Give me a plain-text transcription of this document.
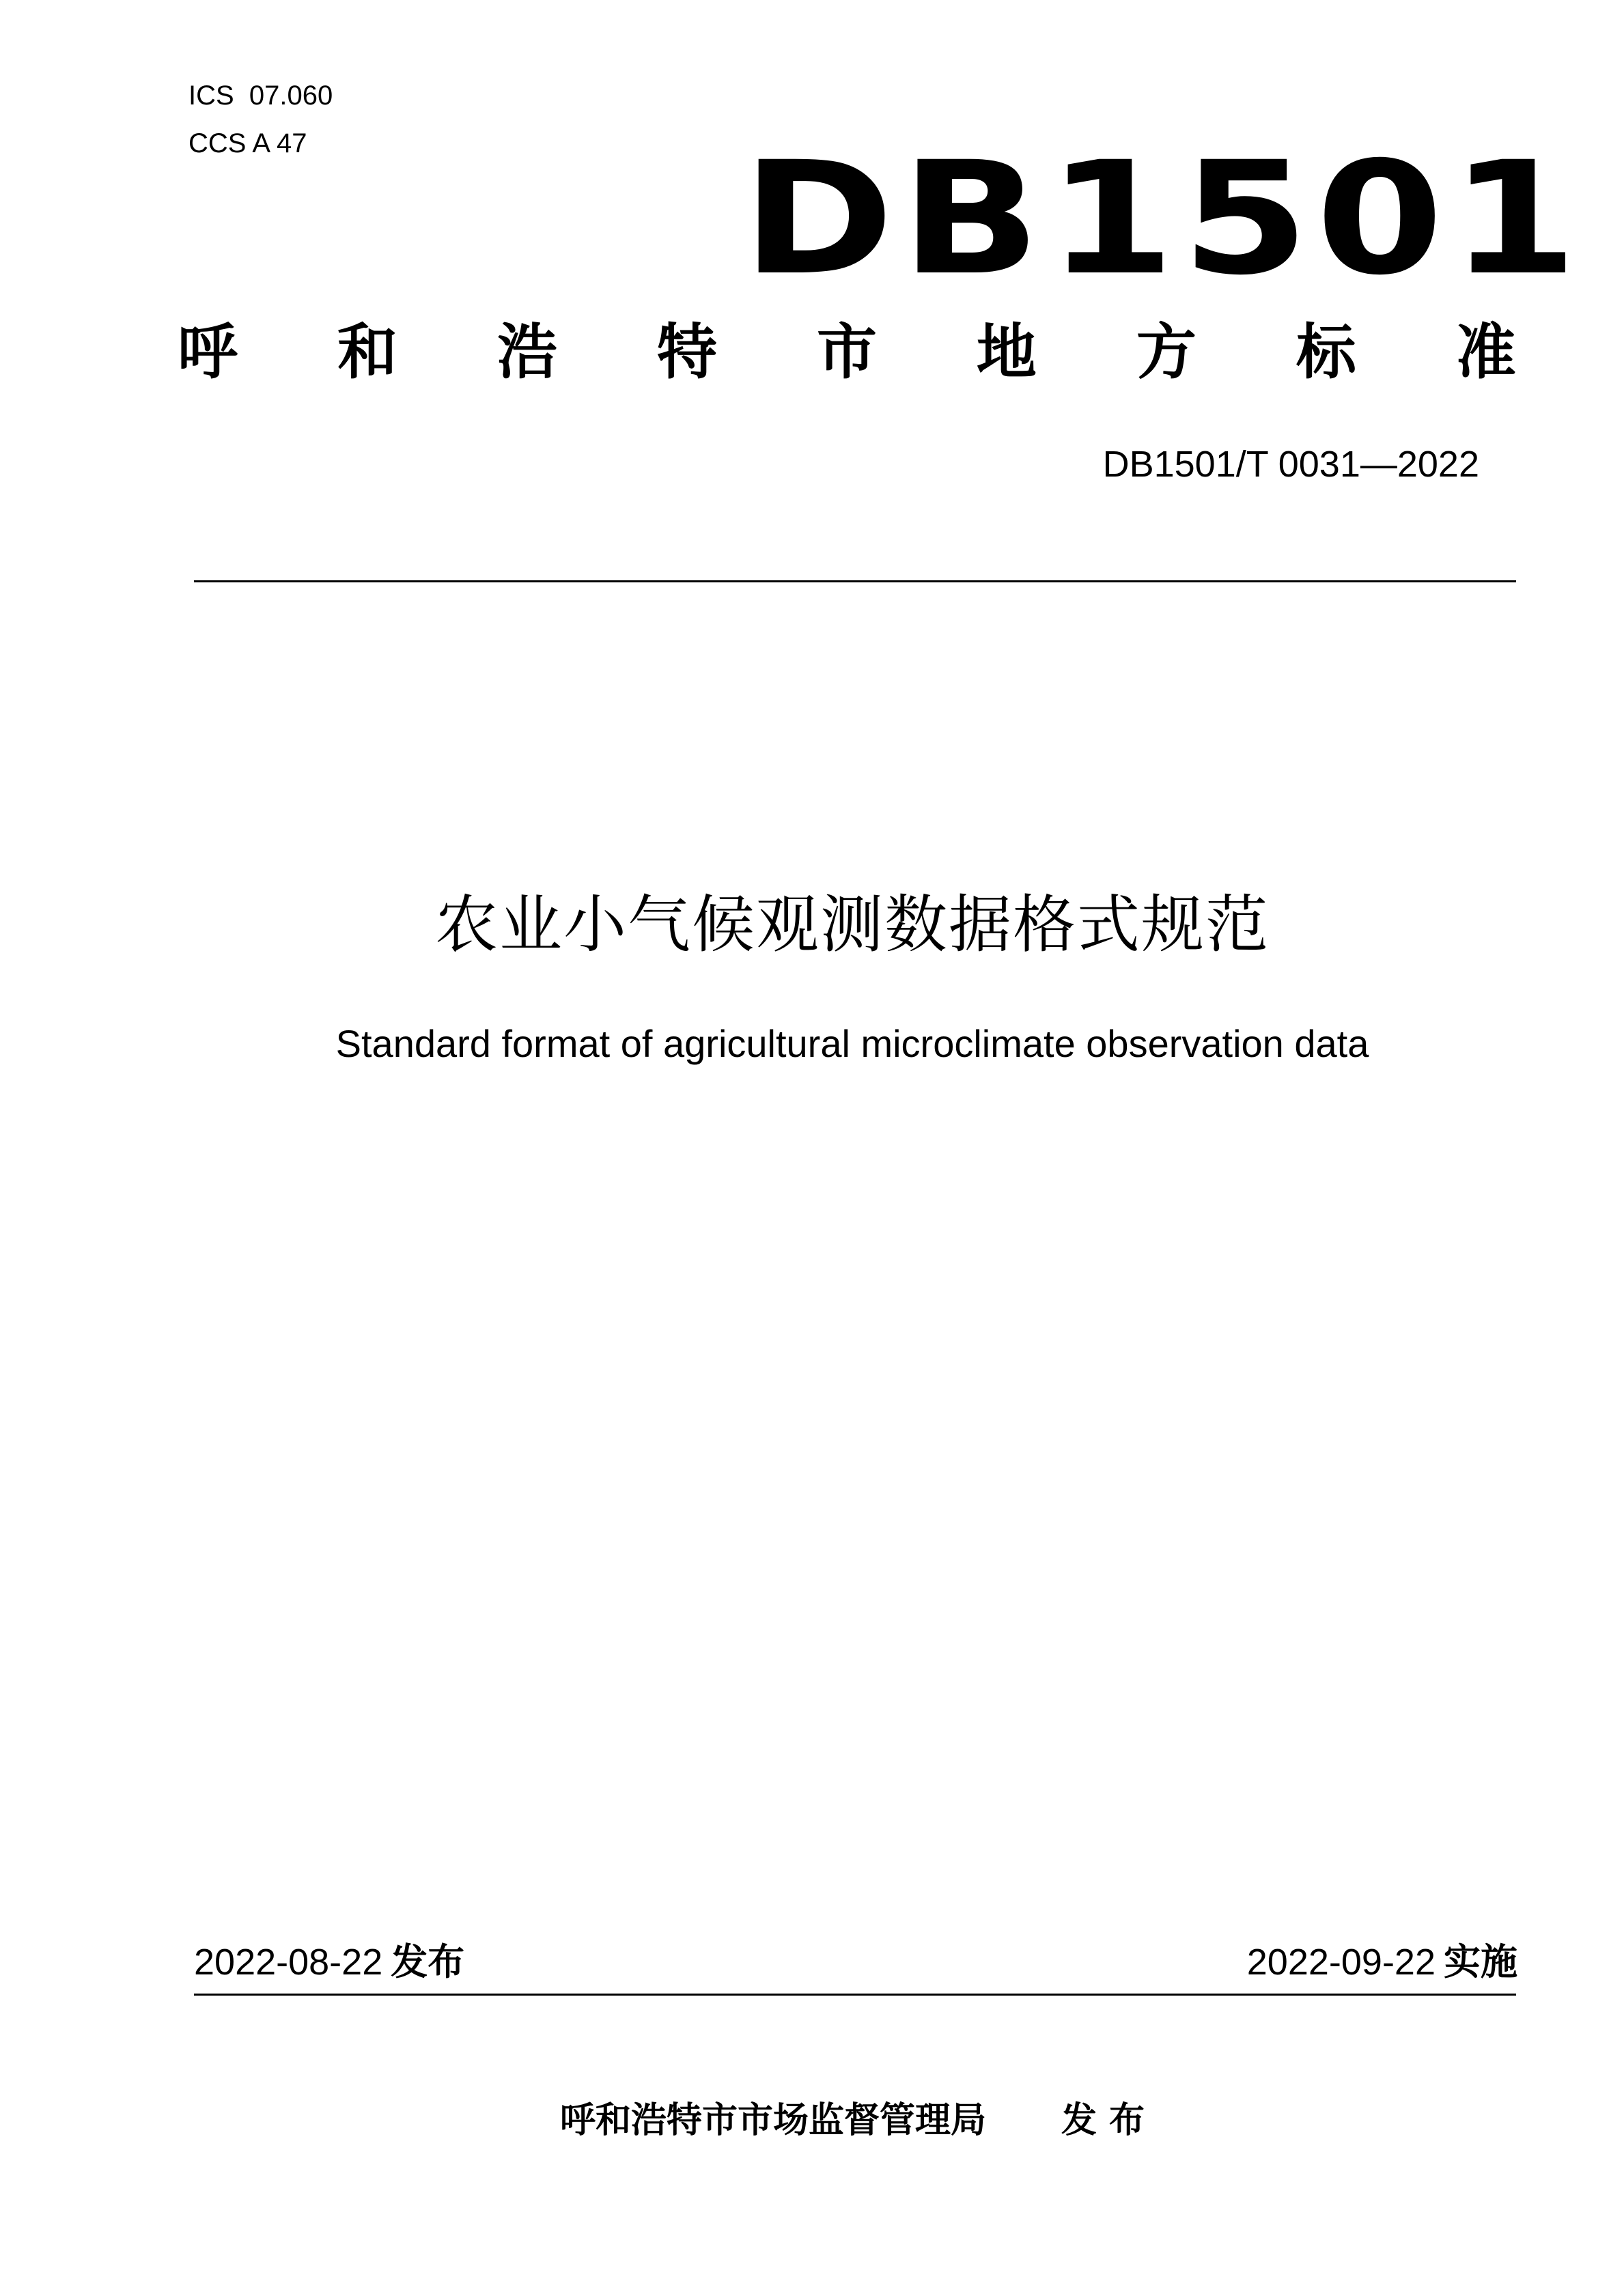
ICS  07.060
CCS A 47	DB1501
呼 和 浩 特 市 地 方 标 准
DB1501/T 0031—2022
农业小气候观测数据格式规范
Standard format of agricultural microclimate observation data
2022-08-22 发布	2022-09-22 实施
呼和浩特市市场监督管理局 发 布
